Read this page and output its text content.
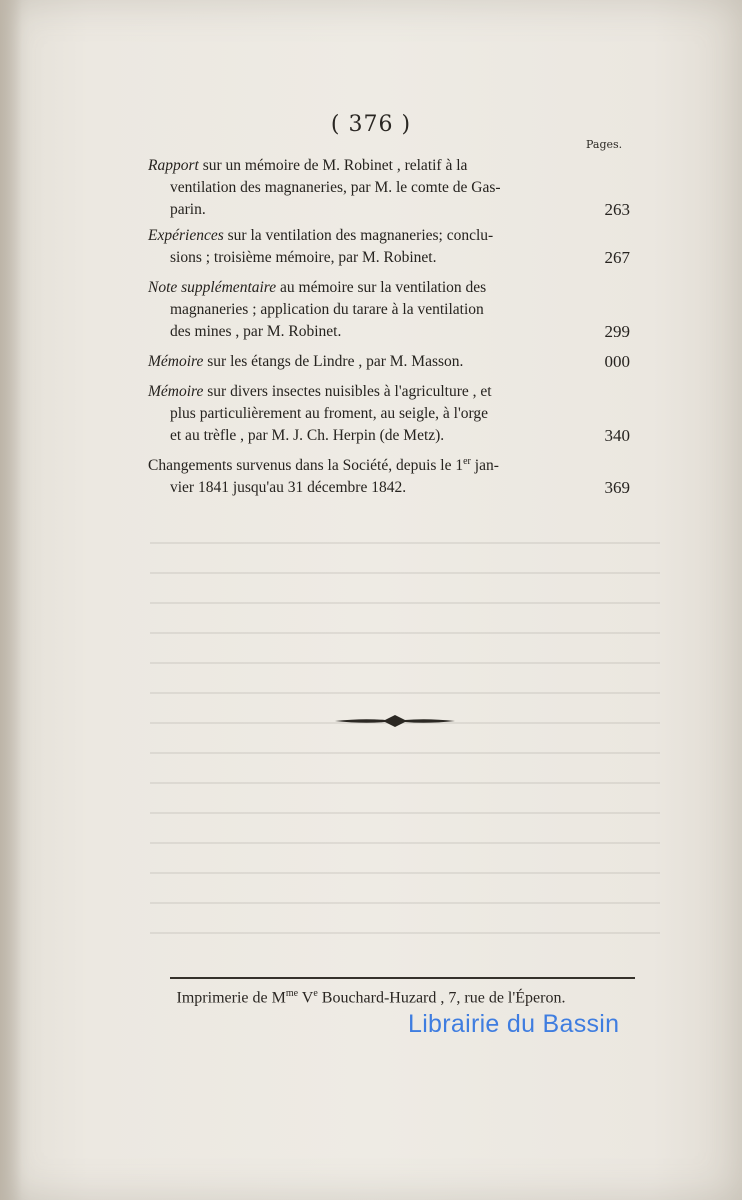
( 376 )
Pages.
Rapport sur un mémoire de M. Robinet , relatif à la
ventilation des magnaneries, par M. le comte de Gas-
parin.	263
Expériences sur la ventilation des magnaneries; conclu-
sions ; troisième mémoire, par M. Robinet.	267
Note supplémentaire au mémoire sur la ventilation des
magnaneries ; application du tarare à la ventilation
des mines , par M. Robinet.	299
Mémoire sur les étangs de Lindre , par M. Masson.	000
Mémoire sur divers insectes nuisibles à l'agriculture , et
plus particulièrement au froment, au seigle, à l'orge
et au trèfle , par M. J. Ch. Herpin (de Metz).	340
Changements survenus dans la Société, depuis le 1er jan-
vier 1841 jusqu'au 31 décembre 1842.	369
Imprimerie de $M^{me}$ Ve Bouchard-Huzard , 7, rue de l'Éperon.
Librairie du Bassin
